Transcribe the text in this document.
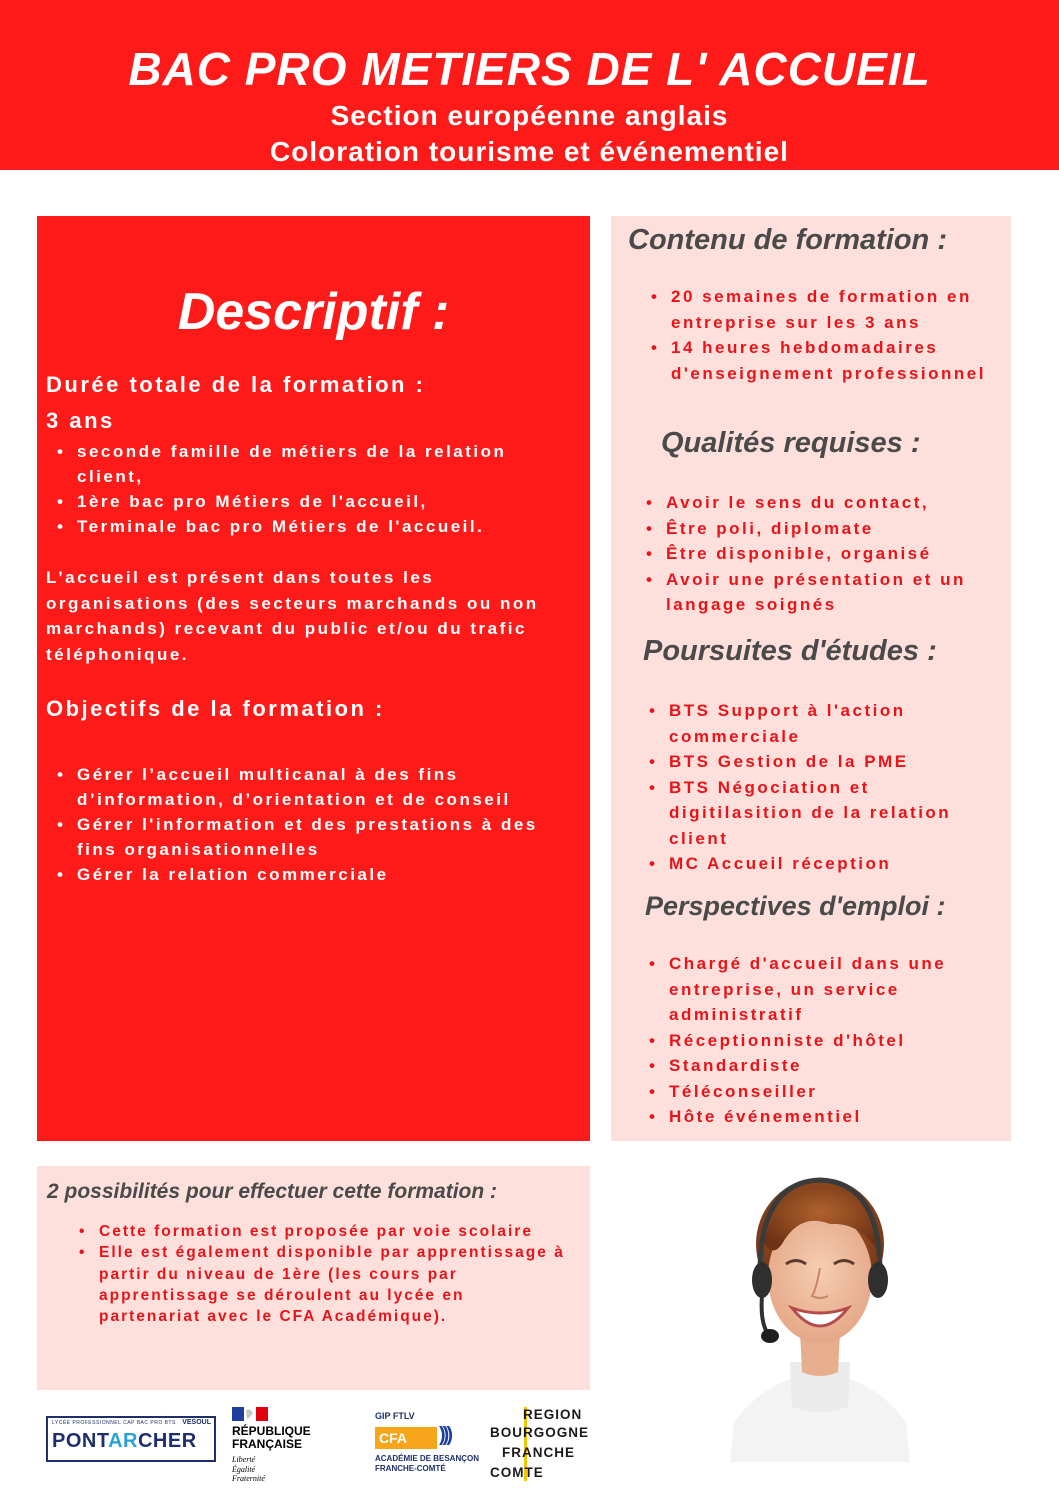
BAC PRO METIERS DE L' ACCUEIL
Section européenne anglais
Coloration tourisme et événementiel
Descriptif :
Durée totale de la formation :
3 ans
• seconde famille de métiers de la relation client,
• 1ère bac pro Métiers de l'accueil,
• Terminale bac pro Métiers de l'accueil.
L’accueil est présent dans toutes les organisations (des secteurs marchands ou non marchands) recevant du public et/ou du trafic téléphonique.
Objectifs de la formation :
• Gérer l’accueil multicanal à des fins d’information, d’orientation et de conseil
• Gérer l'information et des prestations à des fins organisationnelles
• Gérer la relation commerciale
Contenu de formation :
• 20 semaines de formation en entreprise sur les 3 ans
• 14 heures hebdomadaires d'enseignement professionnel
Qualités requises :
• Avoir le sens du contact,
• Être poli, diplomate
• Être disponible, organisé
• Avoir une présentation et un langage soignés
Poursuites d'études :
• BTS Support à l'action commerciale
• BTS Gestion de la PME
• BTS Négociation et digitilasition de la relation client
• MC Accueil réception
Perspectives d'emploi :
• Chargé d'accueil dans une entreprise, un service administratif
• Réceptionniste d'hôtel
• Standardiste
• Téléconseiller
• Hôte événementiel
2 possibilités pour effectuer cette formation :
• Cette formation est proposée par voie scolaire
• Elle est également disponible par apprentissage à partir du niveau de 1ère (les cours par apprentissage se déroulent au lycée en partenariat avec le CFA Académique).
LYCÉE PROFESSIONNEL CAP BAC PRO BTS VESOUL
PONTARCHER	RÉPUBLIQUE
FRANÇAISE
Liberté
Égalité
Fraternité
GIP FTLV
CFA	)))
ACADÉMIE DE BESANÇON
FRANCHE-COMTÉ
REGION
BOURGOGNE
FRANCHE
COMTE
